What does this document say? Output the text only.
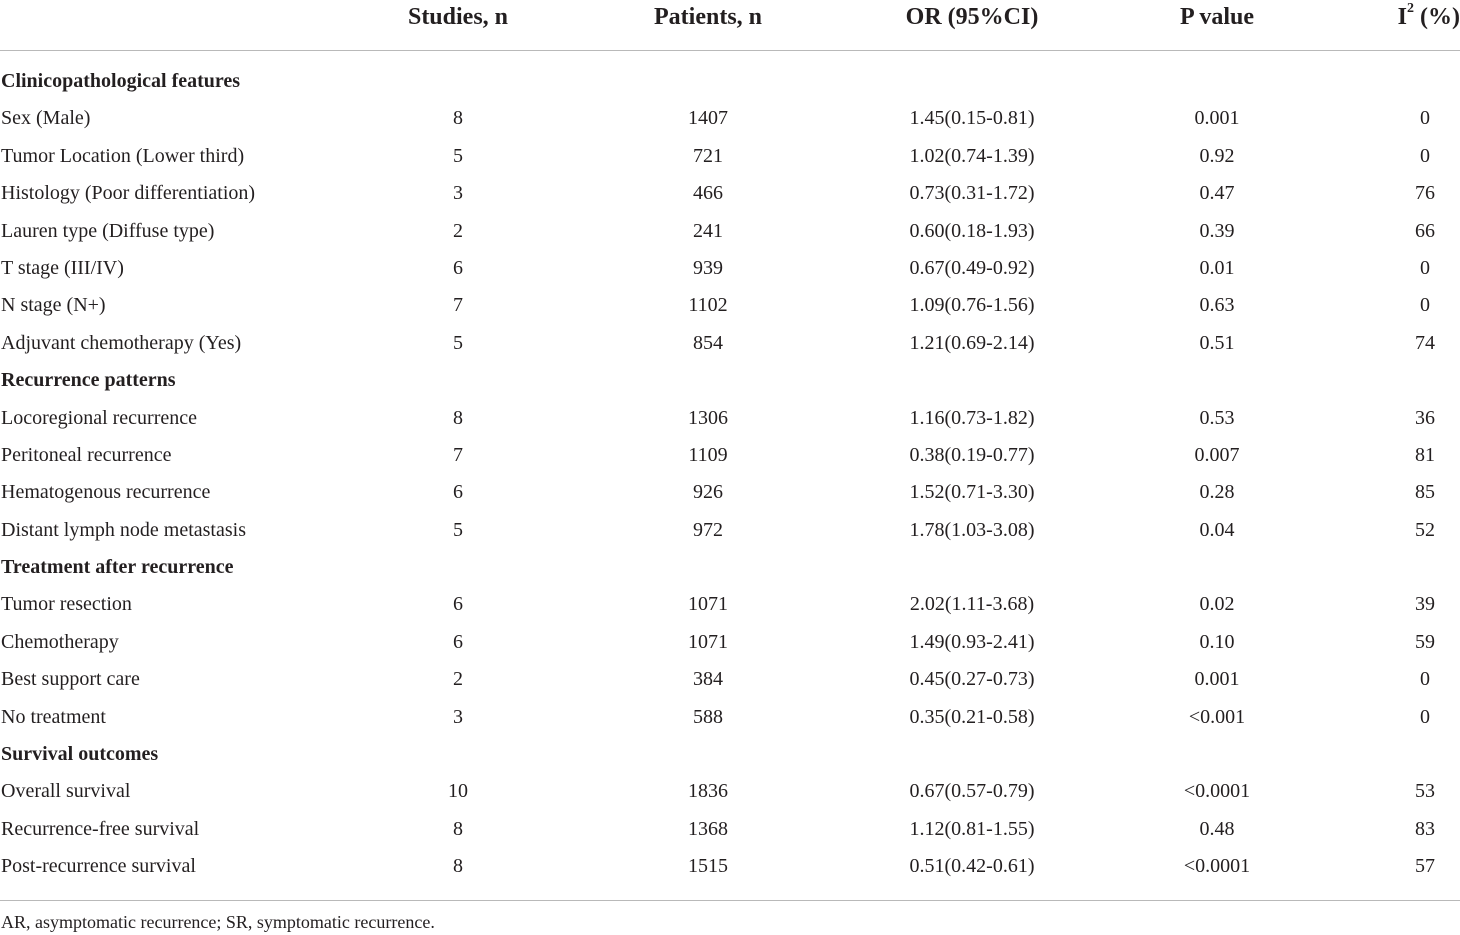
Studies, n	Patients, n	OR (95%CI)	P value	$I^2$ (%)
Clinicopathological features
Sex (Male)	8	1407	1.45(0.15-0.81)	0.001	0
Tumor Location (Lower third)	5	721	1.02(0.74-1.39)	0.92	0
Histology (Poor differentiation)	3	466	0.73(0.31-1.72)	0.47	76
Lauren type (Diffuse type)	2	241	0.60(0.18-1.93)	0.39	66
T stage (III/IV)	6	939	0.67(0.49-0.92)	0.01	0
N stage (N+)	7	1102	1.09(0.76-1.56)	0.63	0
Adjuvant chemotherapy (Yes)	5	854	1.21(0.69-2.14)	0.51	74
Recurrence patterns
Locoregional recurrence	8	1306	1.16(0.73-1.82)	0.53	36
Peritoneal recurrence	7	1109	0.38(0.19-0.77)	0.007	81
Hematogenous recurrence	6	926	1.52(0.71-3.30)	0.28	85
Distant lymph node metastasis	5	972	1.78(1.03-3.08)	0.04	52
Treatment after recurrence
Tumor resection	6	1071	2.02(1.11-3.68)	0.02	39
Chemotherapy	6	1071	1.49(0.93-2.41)	0.10	59
Best support care	2	384	0.45(0.27-0.73)	0.001	0
No treatment	3	588	0.35(0.21-0.58)	<0.001	0
Survival outcomes
Overall survival	10	1836	0.67(0.57-0.79)	<0.0001	53
Recurrence-free survival	8	1368	1.12(0.81-1.55)	0.48	83
Post-recurrence survival	8	1515	0.51(0.42-0.61)	<0.0001	57
AR, asymptomatic recurrence; SR, symptomatic recurrence.
